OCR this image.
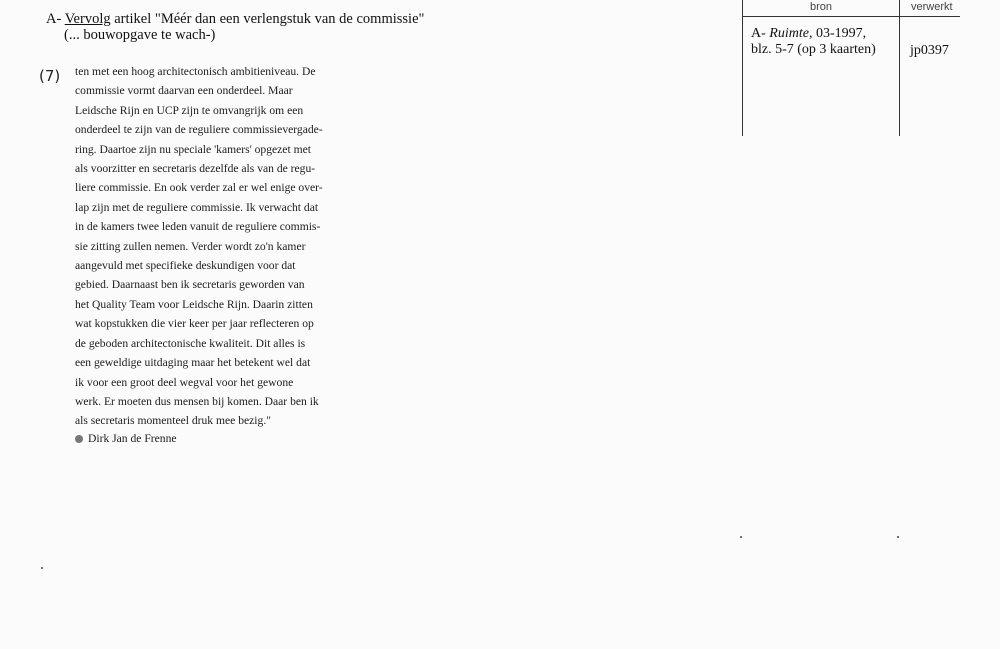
A- Vervolg artikel "Méér dan een verlengstuk van de commissie"
(... bouwopgave te wach-)
(7) ten met een hoog architectonisch ambitieniveau. De
commissie vormt daarvan een onderdeel. Maar
Leidsche Rijn en UCP zijn te omvangrijk om een
onderdeel te zijn van de reguliere commissievergade-
ring. Daartoe zijn nu speciale 'kamers' opgezet met
als voorzitter en secretaris dezelfde als van de regu-
liere commissie. En ook verder zal er wel enige over-
lap zijn met de reguliere commissie. Ik verwacht dat
in de kamers twee leden vanuit de reguliere commis-
sie zitting zullen nemen. Verder wordt zo'n kamer
aangevuld met specifieke deskundigen voor dat
gebied. Daarnaast ben ik secretaris geworden van
het Quality Team voor Leidsche Rijn. Daarin zitten
wat kopstukken die vier keer per jaar reflecteren op
de geboden architectonische kwaliteit. Dit alles is
een geweldige uitdaging maar het betekent wel dat
ik voor een groot deel wegval voor het gewone
werk. Er moeten dus mensen bij komen. Daar ben ik
als secretaris momenteel druk mee bezig."
Dirk Jan de Frenne
bron	verwerkt
A- Ruimte, 03-1997,
blz. 5-7 (op 3 kaarten) jp0397
